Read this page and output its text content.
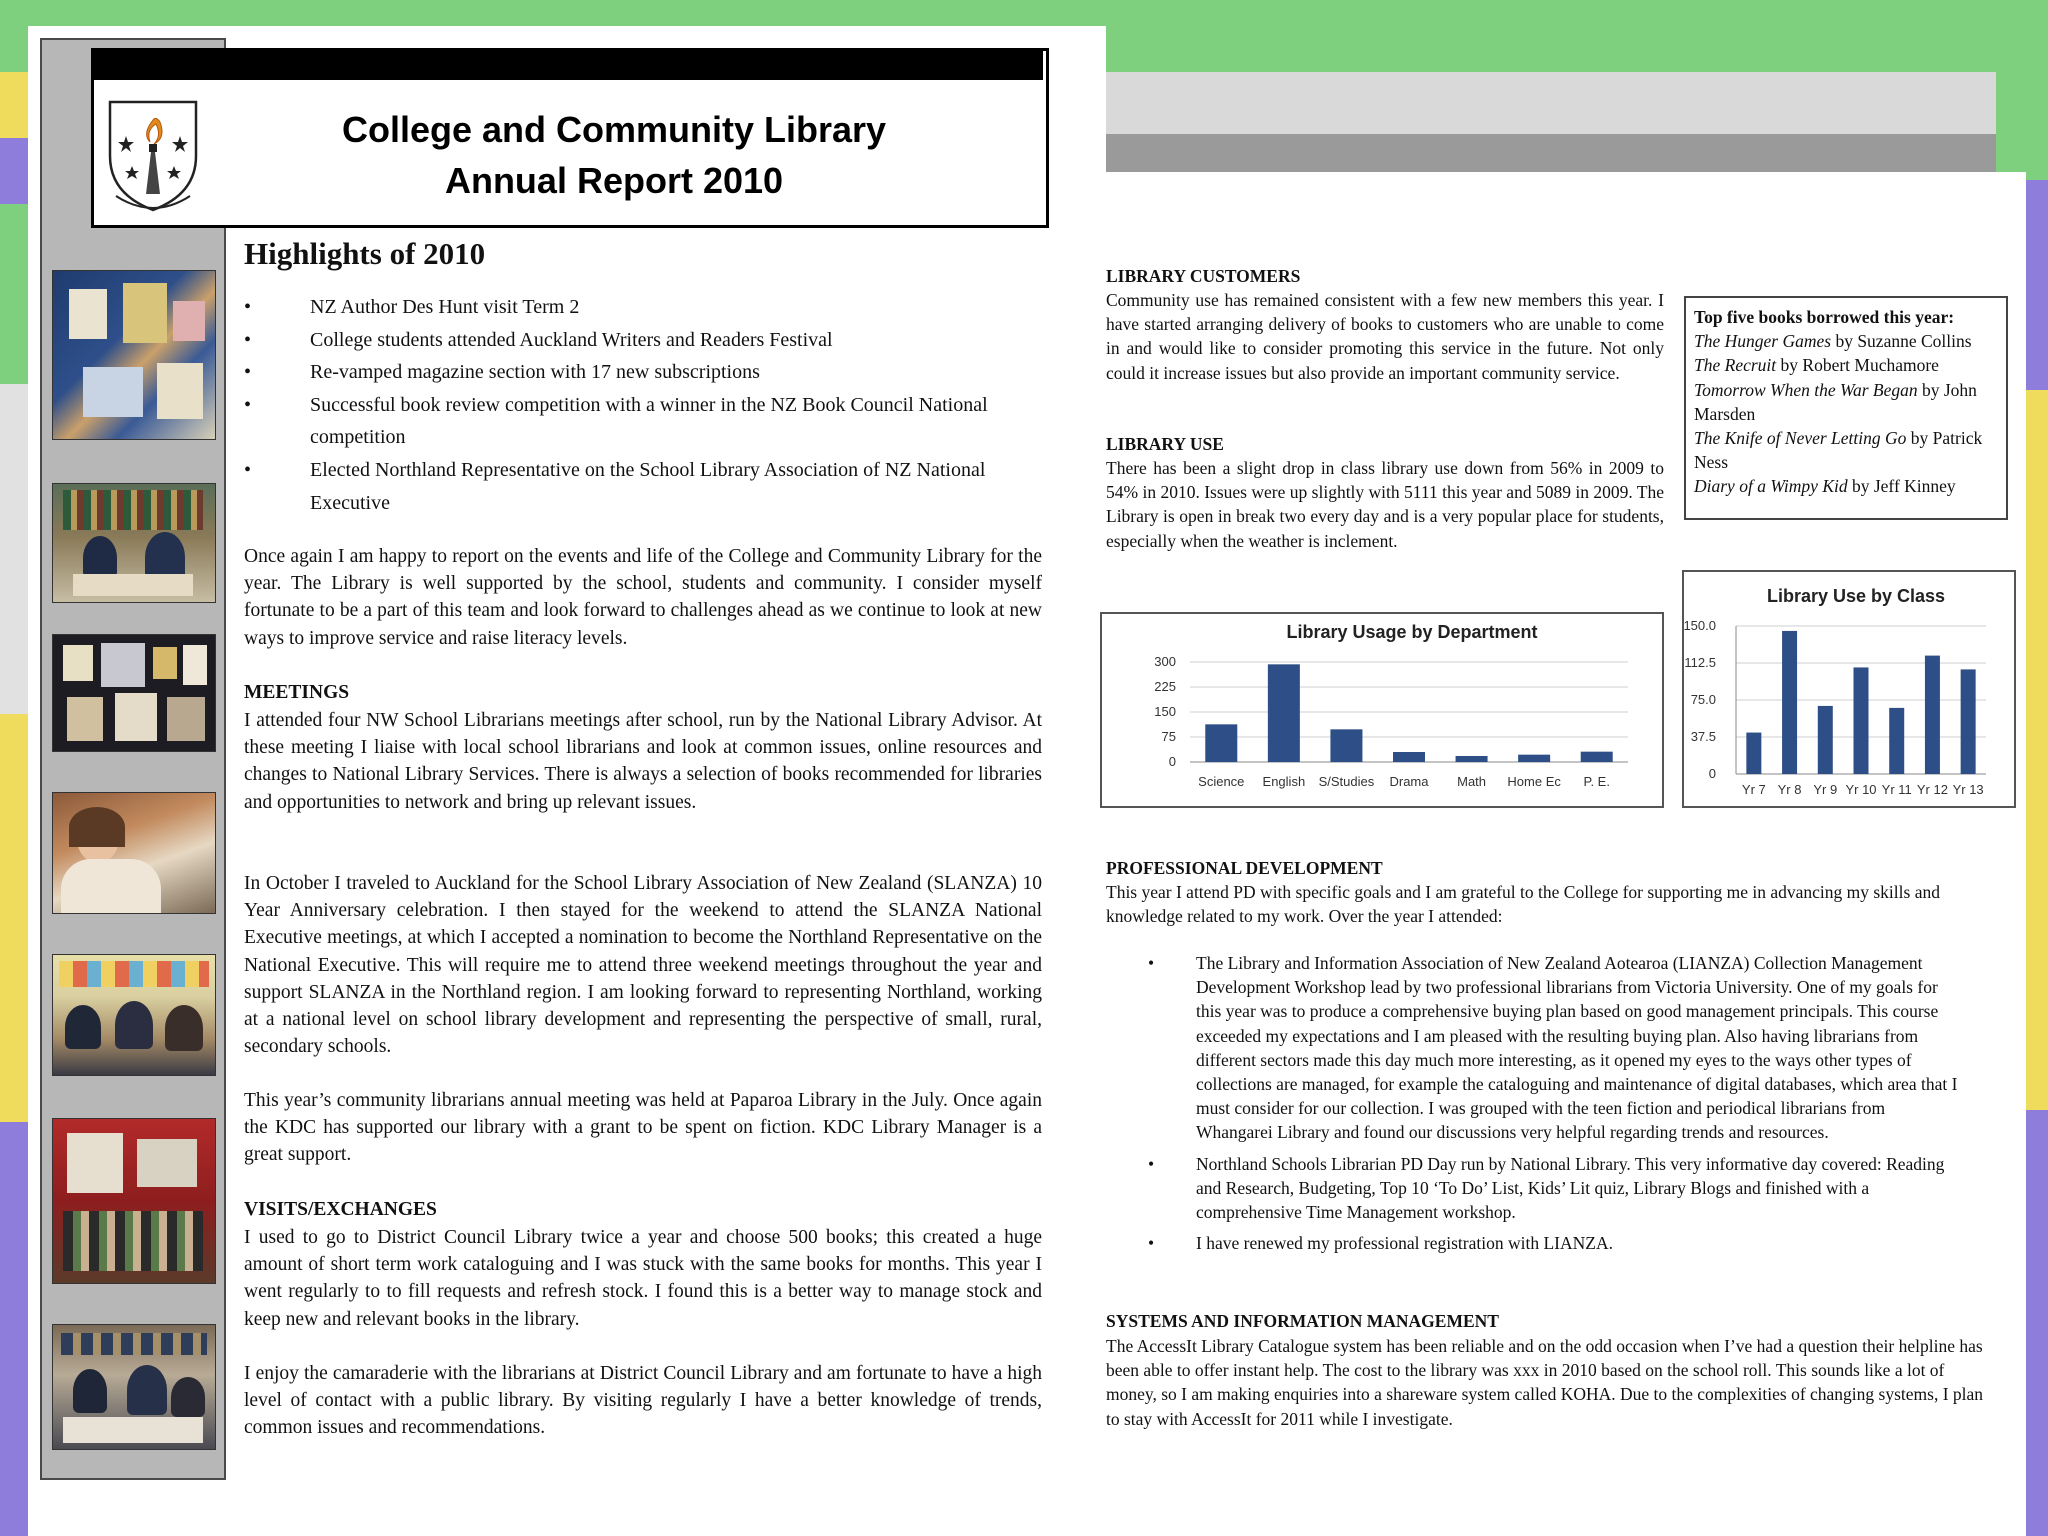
College and Community Library
Annual Report 2010
Highlights of 2010
• NZ Author Des Hunt visit Term 2
• College students attended Auckland Writers and Readers Festival
• Re-vamped magazine section with 17 new subscriptions
• Successful book review competition with a winner in the NZ Book Council National competition
• Elected Northland Representative on the School Library Association of NZ National Executive

Once again I am happy to report on the events and life of the College and Community Library for the year. The Library is well supported by the school, students and community. I consider myself fortunate to be a part of this team and look forward to challenges ahead as we continue to look at new ways to improve service and raise literacy levels.

MEETINGS

I attended four NW School Librarians meetings after school, run by the National Library Advisor. At these meeting I liaise with local school librarians and look at common issues, online resources and changes to National Library Services. There is always a selection of books recommended for libraries and opportunities to network and bring up relevant issues.

In October I traveled to Auckland for the School Library Association of New Zealand (SLANZA) 10 Year Anniversary celebration. I then stayed for the weekend to attend the SLANZA National Executive meetings, at which I accepted a nomination to become the Northland Representative on the National Executive. This will require me to attend three weekend meetings throughout the year and support SLANZA in the Northland region. I am looking forward to representing Northland, working at a national level on school library development and representing the perspective of small, rural, secondary schools.

This year’s community librarians annual meeting was held at Paparoa Library in the July. Once again the KDC has supported our library with a grant to be spent on fiction. KDC Library Manager is a great support.

VISITS/EXCHANGES

I used to go to District Council Library twice a year and choose 500 books; this created a huge amount of short term work cataloguing and I was stuck with the same books for months. This year I went regularly to to fill requests and refresh stock. I found this is a better way to manage stock and keep new and relevant books in the library.

I enjoy the camaraderie with the librarians at District Council Library and am fortunate to have a high level of contact with a public library. By visiting regularly I have a better knowledge of trends, common issues and recommendations.

LIBRARY CUSTOMERS

Community use has remained consistent with a few new members this year. I have started arranging delivery of books to customers who are unable to come in and would like to consider promoting this service in the future. Not only could it increase issues but also provide an important community service.

LIBRARY USE

There has been a slight drop in class library use down from 56% in 2009 to 54% in 2010. Issues were up slightly with 5111 this year and 5089 in 2009. The Library is open in break two every day and is a very popular place for students, especially when the weather is inclement.

Top five books borrowed this year:
The Hunger Games by Suzanne Collins
The Recruit by Robert Muchamore
Tomorrow When the War Began by John Marsden
The Knife of Never Letting Go by Patrick Ness
Diary of a Wimpy Kid by Jeff Kinney
Library Usage by Department
300
225
150
75
0
Science English S/Studies Drama Math Home Ec P. E.
Library Use by Class
150.0
112.5
75.0
37.5
0
Yr 7 Yr 8 Yr 9 Yr 10 Yr 11 Yr 12 Yr 13
PROFESSIONAL DEVELOPMENT

This year I attend PD with specific goals and I am grateful to the College for supporting me in advancing my skills and knowledge related to my work. Over the year I attended:

• The Library and Information Association of New Zealand Aotearoa (LIANZA) Collection Management Development Workshop lead by two professional librarians from Victoria University. One of my goals for this year was to produce a comprehensive buying plan based on good management principals. This course exceeded my expectations and I am pleased with the resulting buying plan. Also having librarians from different sectors made this day much more interesting, as it opened my eyes to the ways other types of collections are managed, for example the cataloguing and maintenance of digital databases, which area that I must consider for our collection. I was grouped with the teen fiction and periodical librarians from Whangarei Library and found our discussions very helpful regarding trends and resources.
• Northland Schools Librarian PD Day run by National Library. This very informative day covered: Reading and Research, Budgeting, Top 10 ‘To Do’ List, Kids’ Lit quiz, Library Blogs and finished with a comprehensive Time Management workshop.
• I have renewed my professional registration with LIANZA.
SYSTEMS AND INFORMATION MANAGEMENT

The AccessIt Library Catalogue system has been reliable and on the odd occasion when I’ve had a question their helpline has been able to offer instant help. The cost to the library was xxx in 2010 based on the school roll. This sounds like a lot of money, so I am making enquiries into a shareware system called KOHA. Due to the complexities of changing systems, I plan to stay with AccessIt for 2011 while I investigate.
